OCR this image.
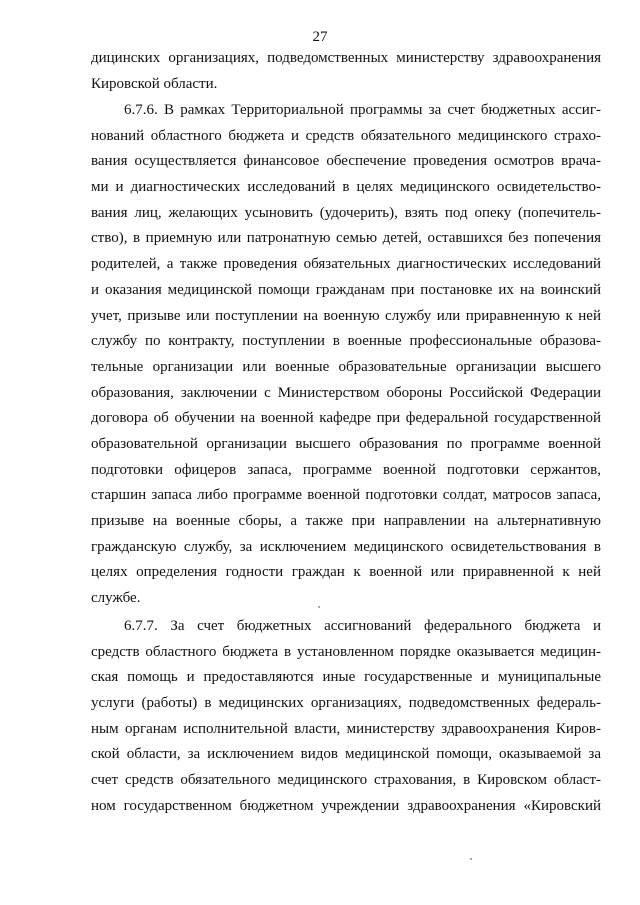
27
дицинских организациях, подведомственных министерству здравоохранения
Кировской области.
6.7.6. В рамках Территориальной программы за счет бюджетных ассиг-
нований областного бюджета и средств обязательного медицинского страхо-
вания осуществляется финансовое обеспечение проведения осмотров врача-
ми и диагностических исследований в целях медицинского освидетельство-
вания лиц, желающих усыновить (удочерить), взять под опеку (попечитель-
ство), в приемную или патронатную семью детей, оставшихся без попечения
родителей, а также проведения обязательных диагностических исследований
и оказания медицинской помощи гражданам при постановке их на воинский
учет, призыве или поступлении на военную службу или приравненную к ней
службу по контракту, поступлении в военные профессиональные образова-
тельные организации или военные образовательные организации высшего
образования, заключении с Министерством обороны Российской Федерации
договора об обучении на военной кафедре при федеральной государственной
образовательной организации высшего образования по программе военной
подготовки офицеров запаса, программе военной подготовки сержантов,
старшин запаса либо программе военной подготовки солдат, матросов запаса,
призыве на военные сборы, а также при направлении на альтернативную
гражданскую службу, за исключением медицинского освидетельствования в
целях определения годности граждан к военной или приравненной к ней
службе.
6.7.7. За счет бюджетных ассигнований федерального бюджета и
средств областного бюджета в установленном порядке оказывается медицин-
ская помощь и предоставляются иные государственные и муниципальные
услуги (работы) в медицинских организациях, подведомственных федераль-
ным органам исполнительной власти, министерству здравоохранения Киров-
ской области, за исключением видов медицинской помощи, оказываемой за
счет средств обязательного медицинского страхования, в Кировском област-
ном государственном бюджетном учреждении здравоохранения «Кировский
